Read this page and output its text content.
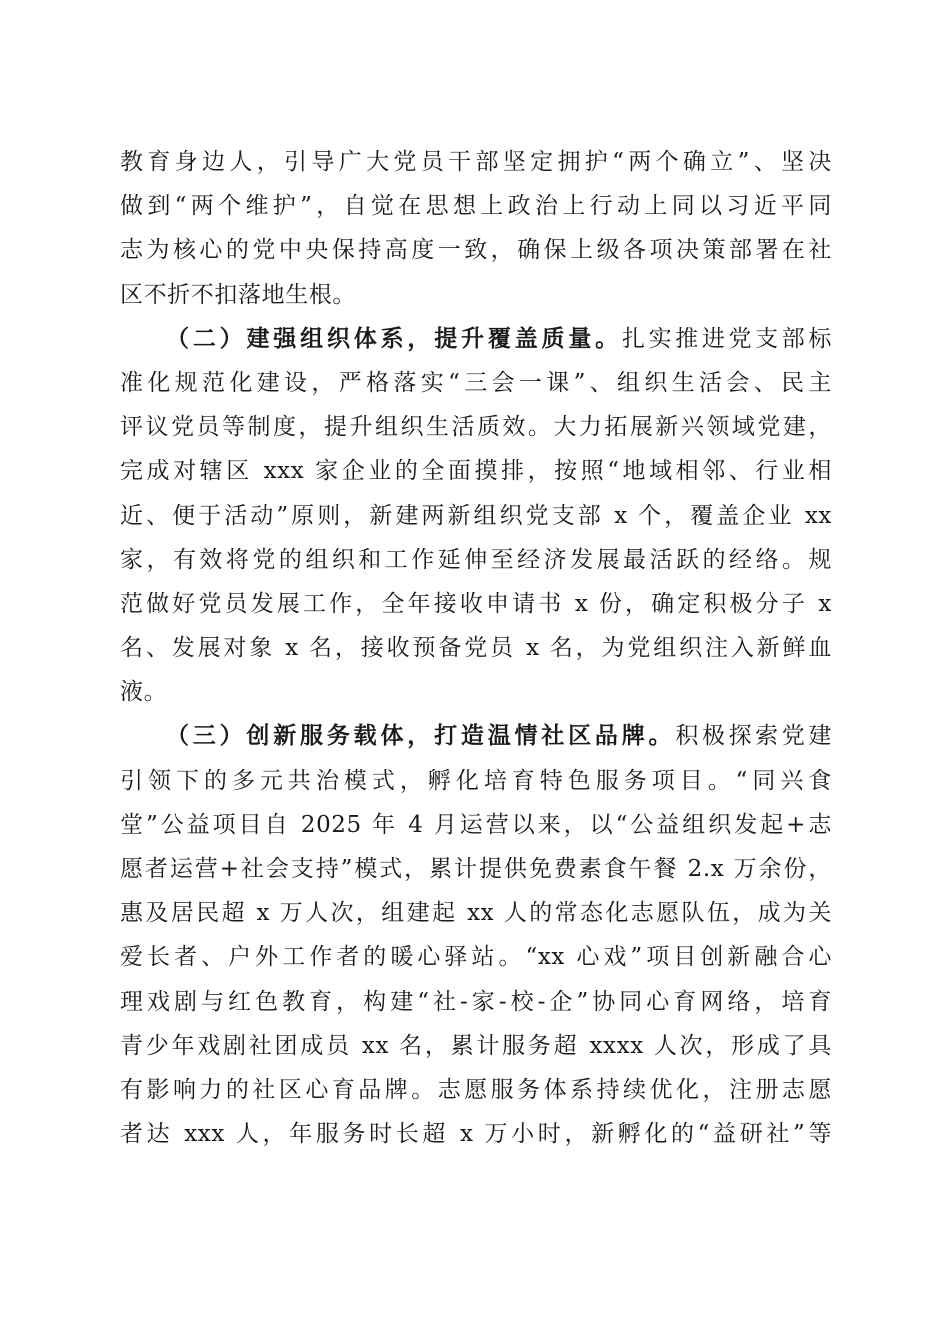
教育身边人，引导广大党员干部坚定拥护“两个确立”、坚决
做到“两个维护”，自觉在思想上政治上行动上同以习近平同
志为核心的党中央保持高度一致，确保上级各项决策部署在社
区不折不扣落地生根。
（二）建强组织体系，提升覆盖质量。扎实推进党支部标
准化规范化建设，严格落实“三会一课”、组织生活会、民主
评议党员等制度，提升组织生活质效。大力拓展新兴领域党建，
完成对辖区 xxx 家企业的全面摸排，按照“地域相邻、行业相
近、便于活动”原则，新建两新组织党支部 x 个，覆盖企业 xx
家，有效将党的组织和工作延伸至经济发展最活跃的经络。规
范做好党员发展工作，全年接收申请书 x 份，确定积极分子 x
名、发展对象 x 名，接收预备党员 x 名，为党组织注入新鲜血
液。
（三）创新服务载体，打造温情社区品牌。积极探索党建
引领下的多元共治模式，孵化培育特色服务项目。“同兴食
堂”公益项目自 2025 年 4 月运营以来，以“公益组织发起+志
愿者运营+社会支持”模式，累计提供免费素食午餐 2.x 万余份，
惠及居民超 x 万人次，组建起 xx 人的常态化志愿队伍，成为关
爱长者、户外工作者的暖心驿站。“xx 心戏”项目创新融合心
理戏剧与红色教育，构建“社-家-校-企”协同心育网络，培育
青少年戏剧社团成员 xx 名，累计服务超 xxxx 人次，形成了具
有影响力的社区心育品牌。志愿服务体系持续优化，注册志愿
者达 xxx 人，年服务时长超 x 万小时，新孵化的“益研社”等
